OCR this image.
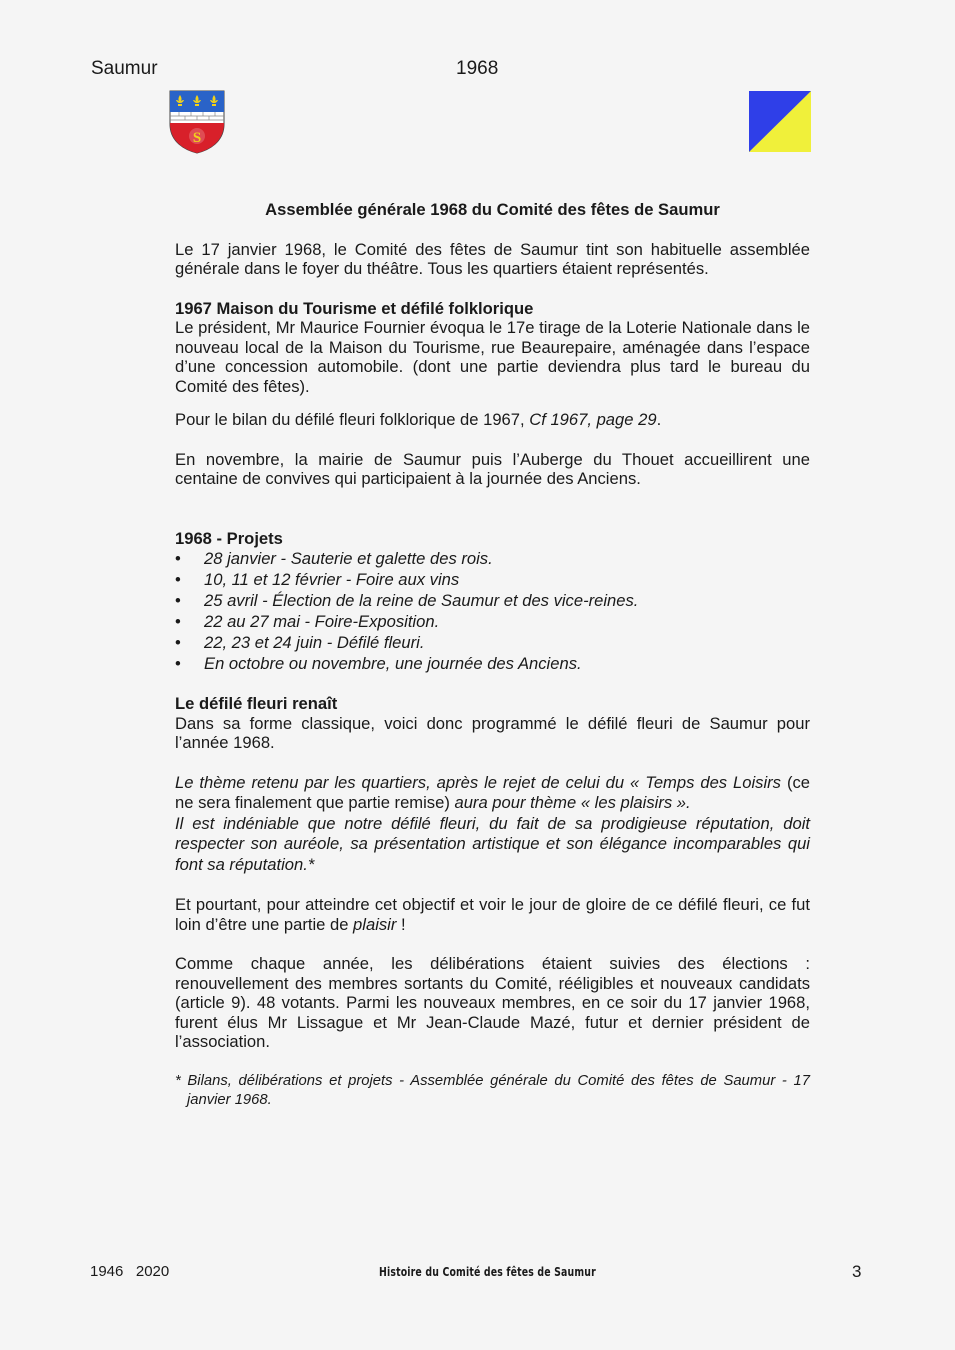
Saumur	1968
S
Assemblée générale 1968 du Comité des fêtes de Saumur

Le 17 janvier 1968, le Comité des fêtes de Saumur tint son habituelle assemblée générale dans le foyer du théâtre. Tous les quartiers étaient représentés.

1967 Maison du Tourisme et défilé folklorique

Le président, Mr Maurice Fournier évoqua le 17e tirage de la Loterie Nationale dans le nouveau local de la Maison du Tourisme, rue Beaurepaire, aménagée dans l’espace d’une concession automobile. (dont une partie deviendra plus tard le bureau du Comité des fêtes).

Pour le bilan du défilé fleuri folklorique de 1967, Cf 1967, page 29.

En novembre, la mairie de Saumur puis l’Auberge du Thouet accueillirent une centaine de convives qui participaient à la journée des Anciens.

1968 - Projets
• 28 janvier - Sauterie et galette des rois.
• 10, 11 et 12 février - Foire aux vins
• 25 avril - Élection de la reine de Saumur et des vice-reines.
• 22 au 27 mai - Foire-Exposition.
• 22, 23 et 24 juin - Défilé fleuri.
• En octobre ou novembre, une journée des Anciens.
Le défilé fleuri renaît

Dans sa forme classique, voici donc programmé le défilé fleuri de Saumur pour l’année 1968.

Le thème retenu par les quartiers, après le rejet de celui du « Temps des Loisirs (ce ne sera finalement que partie remise) aura pour thème « les plaisirs ».
Il est indéniable que notre défilé fleuri, du fait de sa prodigieuse réputation, doit respecter son auréole, sa présentation artistique et son élégance incomparables qui font sa réputation.*

Et pourtant, pour atteindre cet objectif et voir le jour de gloire de ce défilé fleuri, ce fut loin d’être une partie de plaisir !

Comme chaque année, les délibérations étaient suivies des élections : renouvellement des membres sortants du Comité, rééligibles et nouveaux candidats (article 9). 48 votants. Parmi les nouveaux membres, en ce soir du 17 janvier 1968, furent élus Mr Lissague et Mr Jean-Claude Mazé, futur et dernier président de l’association.

* Bilans, délibérations et projets - Assemblée générale du Comité des fêtes de Saumur - 17 janvier 1968.

1946   2020	Histoire du Comité des fêtes de Saumur	3
